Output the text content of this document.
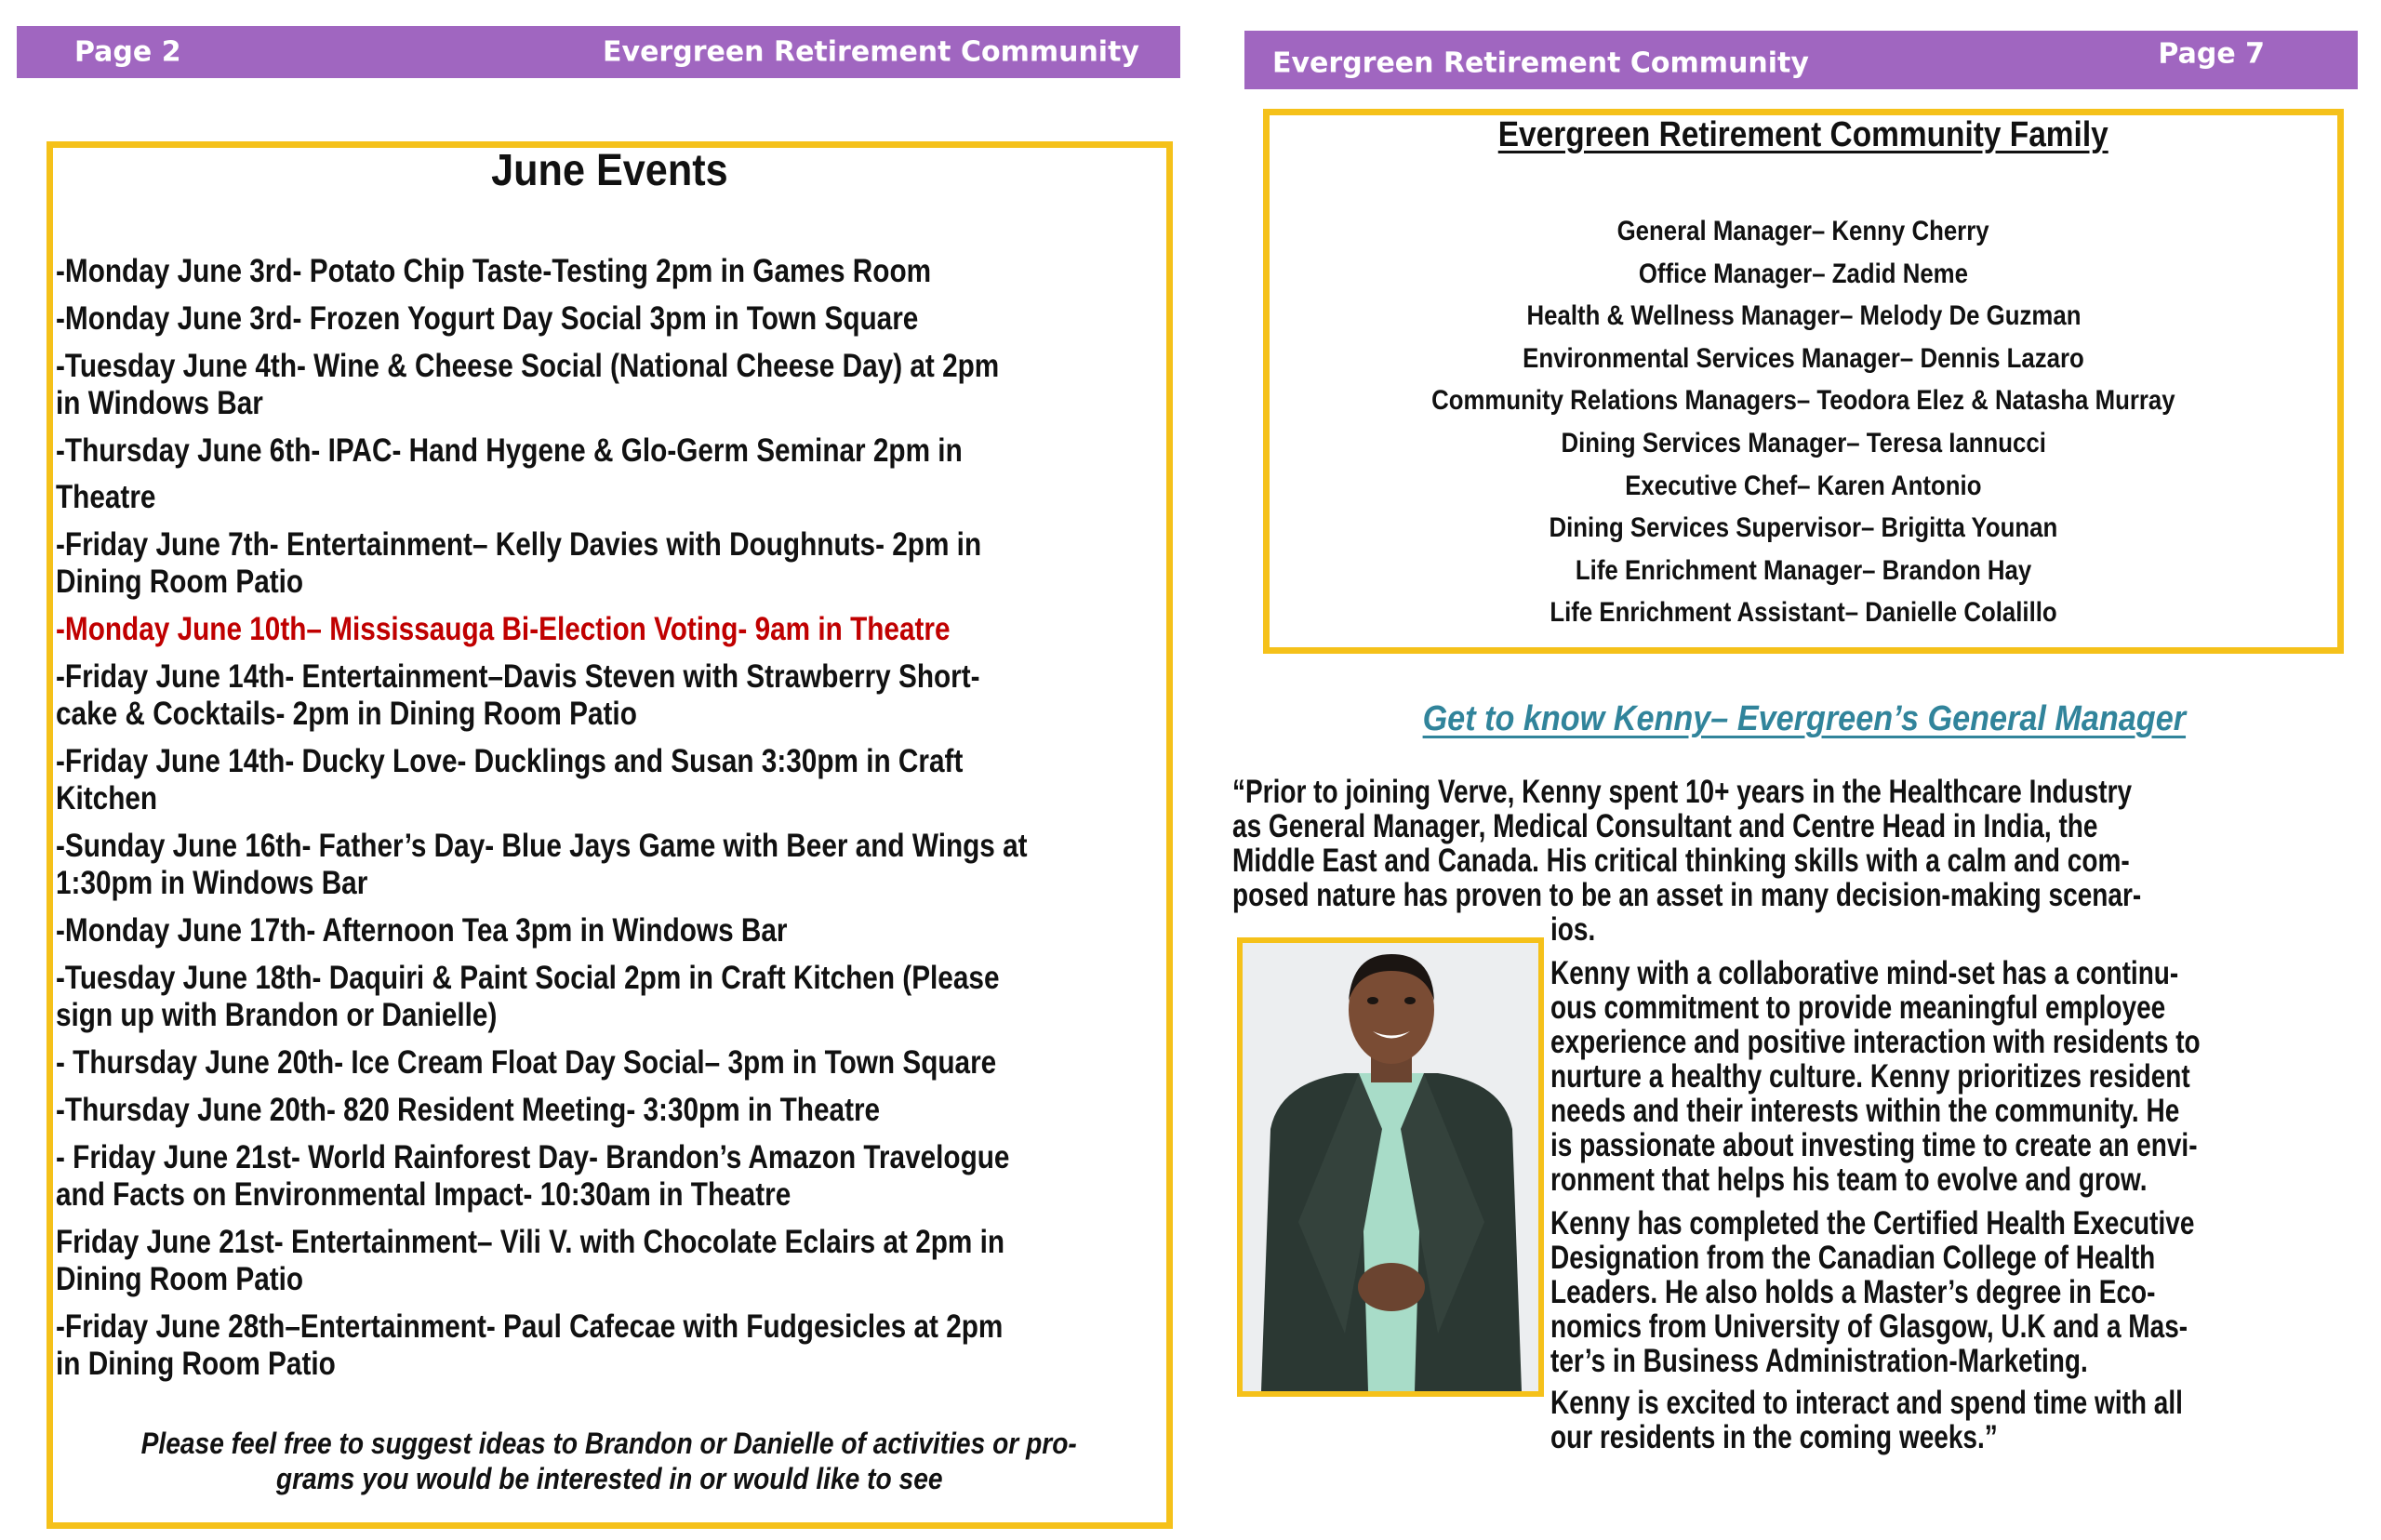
Page 2	Evergreen Retirement Community	Evergreen Retirement Community	Page 7
June Events
-Monday June 3rd- Potato Chip Taste-Testing 2pm in Games Room
-Monday June 3rd- Frozen Yogurt Day Social 3pm in Town Square
-Tuesday June 4th- Wine & Cheese Social (National Cheese Day) at 2pm
in Windows Bar
-Thursday June 6th- IPAC- Hand Hygene & Glo-Germ Seminar 2pm in
Theatre
-Friday June 7th- Entertainment– Kelly Davies with Doughnuts- 2pm in
Dining Room Patio
-Monday June 10th– Mississauga Bi-Election Voting- 9am in Theatre
-Friday June 14th- Entertainment–Davis Steven with Strawberry Short-
cake & Cocktails- 2pm in Dining Room Patio
-Friday June 14th- Ducky Love- Ducklings and Susan 3:30pm in Craft
Kitchen
-Sunday June 16th- Father’s Day- Blue Jays Game with Beer and Wings at
1:30pm in Windows Bar
-Monday June 17th- Afternoon Tea 3pm in Windows Bar
-Tuesday June 18th- Daquiri & Paint Social 2pm in Craft Kitchen (Please
sign up with Brandon or Danielle)
- Thursday June 20th- Ice Cream Float Day Social– 3pm in Town Square
-Thursday June 20th- 820 Resident Meeting- 3:30pm in Theatre
- Friday June 21st- World Rainforest Day- Brandon’s Amazon Travelogue
and Facts on Environmental Impact- 10:30am in Theatre
Friday June 21st- Entertainment– Vili V. with Chocolate Eclairs at 2pm in
Dining Room Patio
-Friday June 28th–Entertainment- Paul Cafecae with Fudgesicles at 2pm
in Dining Room Patio
Please feel free to suggest ideas to Brandon or Danielle of activities or pro-
grams you would be interested in or would like to see
Evergreen Retirement Community Family
General Manager– Kenny Cherry
Office Manager– Zadid Neme
Health & Wellness Manager– Melody De Guzman
Environmental Services Manager– Dennis Lazaro
Community Relations Managers– Teodora Elez & Natasha Murray
Dining Services Manager– Teresa Iannucci
Executive Chef– Karen Antonio
Dining Services Supervisor– Brigitta Younan
Life Enrichment Manager– Brandon Hay
Life Enrichment Assistant– Danielle Colalillo
Get to know Kenny– Evergreen’s General Manager
“Prior to joining Verve, Kenny spent 10+ years in the Healthcare Industry
as General Manager, Medical Consultant and Centre Head in India, the
Middle East and Canada. His critical thinking skills with a calm and com-
posed nature has proven to be an asset in many decision-making scenar-
ios.
Kenny with a collaborative mind-set has a continu-
ous commitment to provide meaningful employee
experience and positive interaction with residents to
nurture a healthy culture. Kenny prioritizes resident
needs and their interests within the community. He
is passionate about investing time to create an envi-
ronment that helps his team to evolve and grow.
Kenny has completed the Certified Health Executive
Designation from the Canadian College of Health
Leaders. He also holds a Master’s degree in Eco-
nomics from University of Glasgow, U.K and a Mas-
ter’s in Business Administration-Marketing.
Kenny is excited to interact and spend time with all
our residents in the coming weeks.”
